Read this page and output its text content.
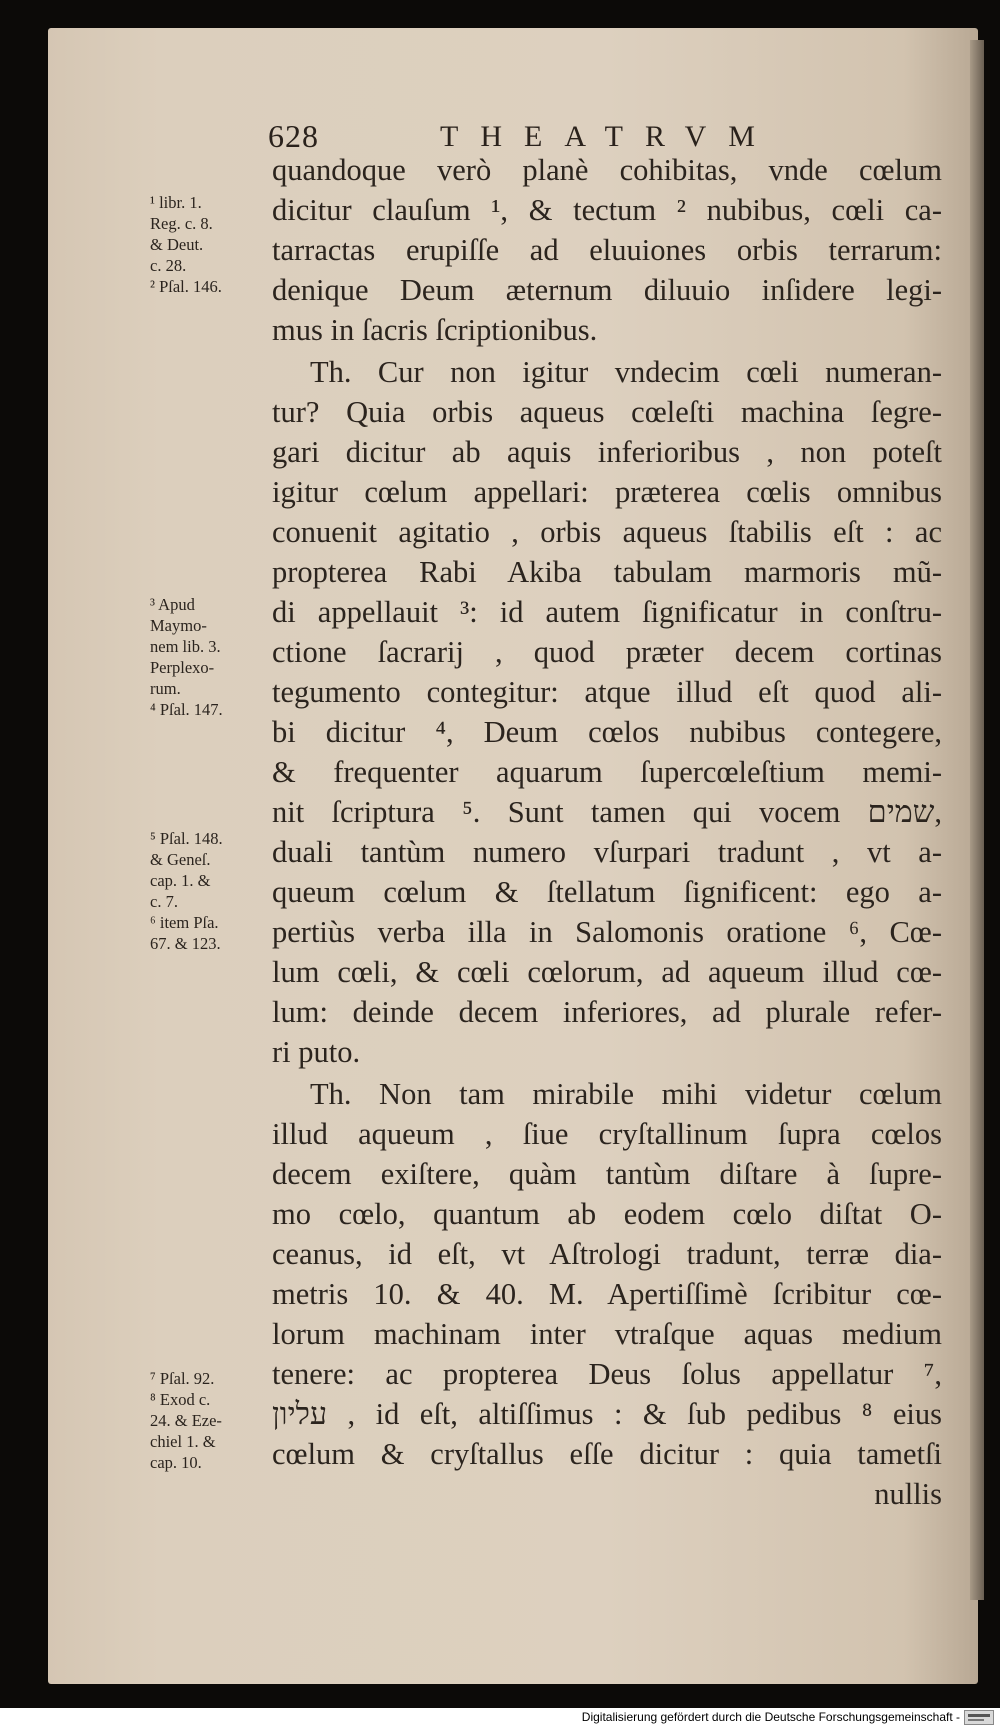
628	THEATRVM
quandoque verò planè cohibitas, vnde cœlum
dicitur clauſum ¹, & tectum ² nubibus, cœli ca-
tarractas erupiſſe ad eluuiones orbis terrarum:
denique Deum æternum diluuio inſidere legi-
mus in ſacris ſcriptionibus.
Th. Cur non igitur vndecim cœli numeran-
tur? Quia orbis aqueus cœleſti machina ſegre-
gari dicitur ab aquis inferioribus , non poteſt
igitur cœlum appellari: præterea cœlis omnibus
conuenit agitatio , orbis aqueus ſtabilis eſt : ac
propterea Rabi Akiba tabulam marmoris mũ-
di appellauit ³: id autem ſignificatur in conſtru-
ctione ſacrarij , quod præter decem cortinas
tegumento contegitur: atque illud eſt quod ali-
bi dicitur ⁴, Deum cœlos nubibus contegere,
& frequenter aquarum ſupercœleſtium memi-
nit ſcriptura ⁵. Sunt tamen qui vocem שמים,
duali tantùm numero vſurpari tradunt , vt a-
queum cœlum & ſtellatum ſignificent: ego a-
pertiùs verba illa in Salomonis oratione ⁶, Cœ-
lum cœli, & cœli cœlorum, ad aqueum illud cœ-
lum: deinde decem inferiores, ad plurale refer-
ri puto.
Th. Non tam mirabile mihi videtur cœlum
illud aqueum , ſiue cryſtallinum ſupra cœlos
decem exiſtere, quàm tantùm diſtare à ſupre-
mo cœlo, quantum ab eodem cœlo diſtat O-
ceanus, id eſt, vt Aſtrologi tradunt, terræ dia-
metris 10. & 40. M. Apertiſſimè ſcribitur cœ-
lorum machinam inter vtraſque aquas medium
tenere: ac propterea Deus ſolus appellatur ⁷,
עליון , id eſt, altiſſimus : & ſub pedibus ⁸ eius
cœlum & cryſtallus eſſe dicitur : quia tametſi
nullis
¹ libr. 1.
Reg. c. 8.
& Deut.
c. 28.
² Pſal. 146.
³ Apud
Maymo-
nem lib. 3.
Perplexo-
rum.
⁴ Pſal. 147.
⁵ Pſal. 148.
& Geneſ.
cap. 1. &
c. 7.
⁶ item Pſa.
67. & 123.
⁷ Pſal. 92.
⁸ Exod c.
24. & Eze-
chiel 1. &
cap. 10.
Digitalisierung gefördert durch die Deutsche Forschungsgemeinschaft -
